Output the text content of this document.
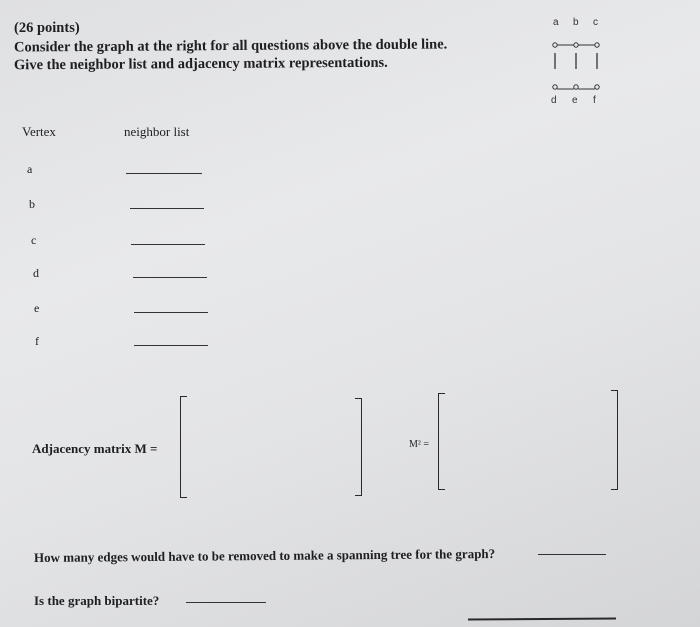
(26 points)
Consider the graph at the right for all questions above the double line.
Give the neighbor list and adjacency matrix representations.
a b c
d e f
Vertex	neighbor list
a
b
c
d
e
f
Adjacency matrix M =	M² =
How many edges would have to be removed to make a spanning tree for the graph?
Is the graph bipartite?
